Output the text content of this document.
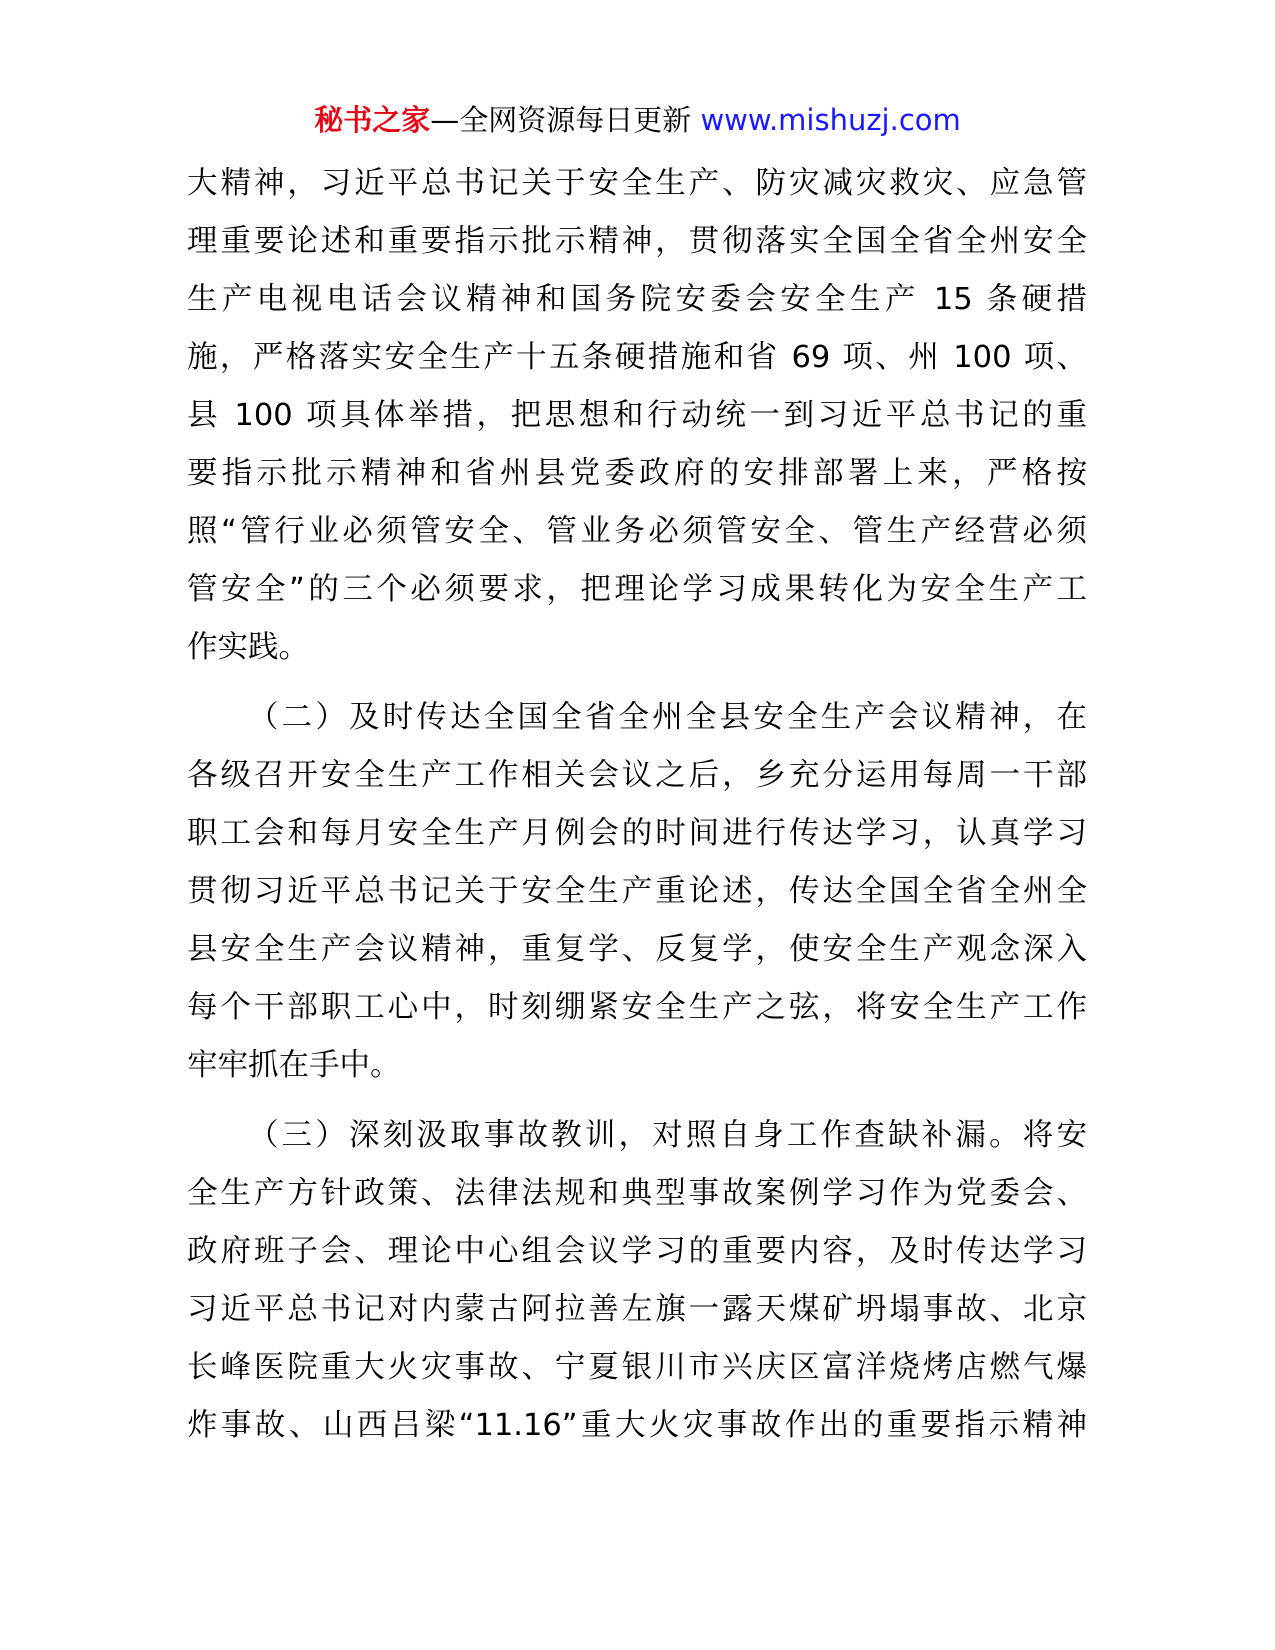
秘书之家—全网资源每日更新 www.mishuzj.com

大精神，习近平总书记关于安全生产、防灾减灾救灾、应急管
理重要论述和重要指示批示精神，贯彻落实全国全省全州安全
生产电视电话会议精神和国务院安委会安全生产 15 条硬措
施，严格落实安全生产十五条硬措施和省 69 项、州 100 项、
县 100 项具体举措，把思想和行动统一到习近平总书记的重
要指示批示精神和省州县党委政府的安排部署上来，严格按
照“管行业必须管安全、管业务必须管安全、管生产经营必须
管安全”的三个必须要求，把理论学习成果转化为安全生产工
作实践。

（二）及时传达全国全省全州全县安全生产会议精神，在
各级召开安全生产工作相关会议之后，乡充分运用每周一干部
职工会和每月安全生产月例会的时间进行传达学习，认真学习
贯彻习近平总书记关于安全生产重论述，传达全国全省全州全
县安全生产会议精神，重复学、反复学，使安全生产观念深入
每个干部职工心中，时刻绷紧安全生产之弦，将安全生产工作
牢牢抓在手中。

（三）深刻汲取事故教训，对照自身工作查缺补漏。将安
全生产方针政策、法律法规和典型事故案例学习作为党委会、
政府班子会、理论中心组会议学习的重要内容，及时传达学习
习近平总书记对内蒙古阿拉善左旗一露天煤矿坍塌事故、北京
长峰医院重大火灾事故、宁夏银川市兴庆区富洋烧烤店燃气爆
炸事故、山西吕梁“11.16”重大火灾事故作出的重要指示精神
